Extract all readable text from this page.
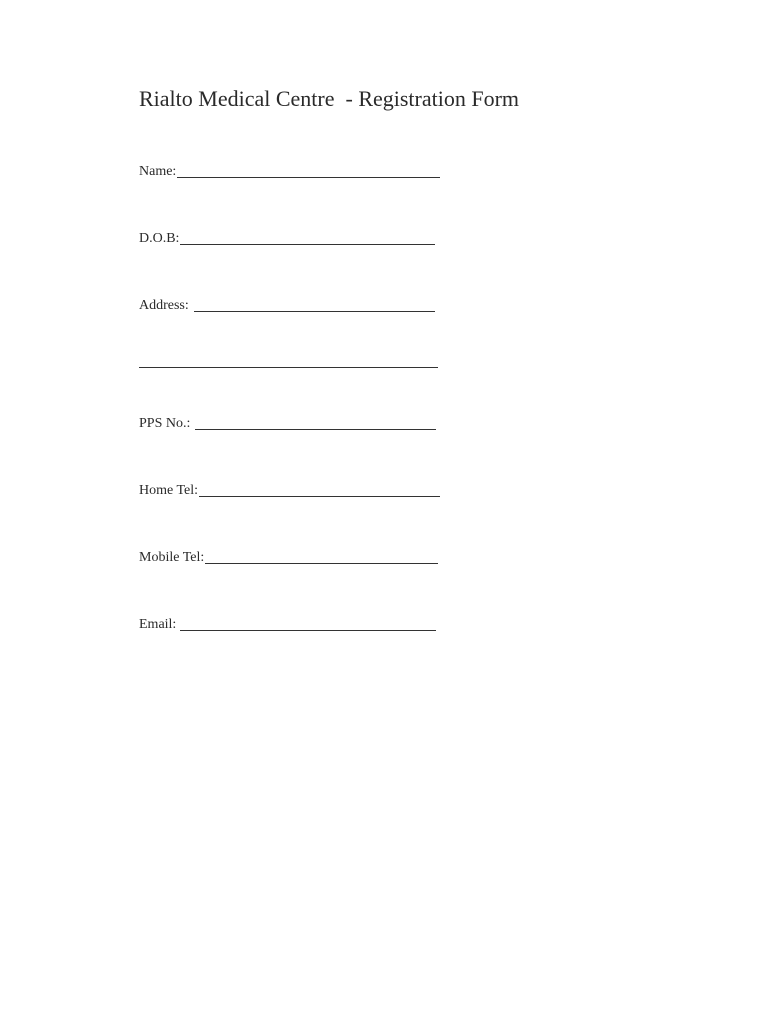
Rialto Medical Centre  - Registration Form
Name:
D.O.B:
Address:
PPS No.:
Home Tel:
Mobile Tel:
Email:
